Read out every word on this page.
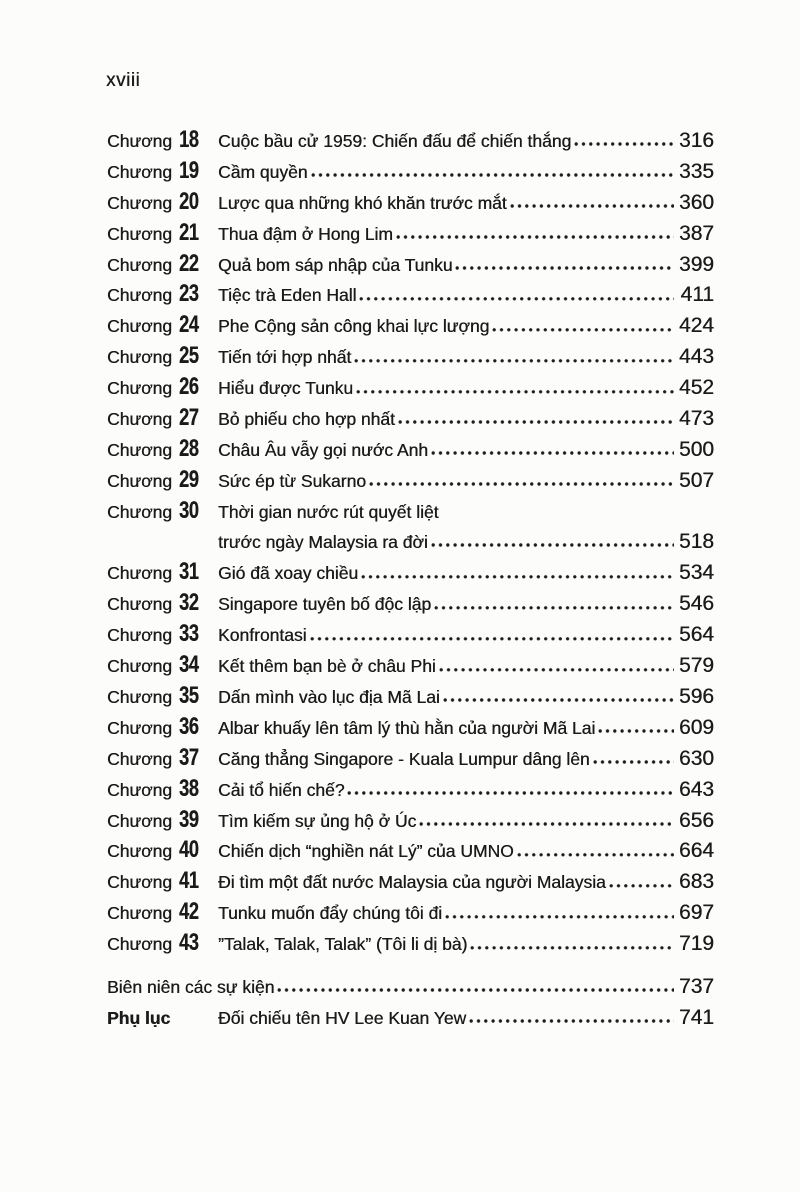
xviii
Chương 18 Cuộc bầu cử 1959: Chiến đấu để chiến thắng	316
Chương 19 Cầm quyền	335
Chương 20 Lược qua những khó khăn trước mắt	360
Chương 21 Thua đậm ở Hong Lim	387
Chương 22 Quả bom sáp nhập của Tunku	399
Chương 23 Tiệc trà Eden Hall	411
Chương 24 Phe Cộng sản công khai lực lượng	424
Chương 25 Tiến tới hợp nhất	443
Chương 26 Hiểu được Tunku	452
Chương 27 Bỏ phiếu cho hợp nhất	473
Chương 28 Châu Âu vẫy gọi nước Anh	500
Chương 29 Sức ép từ Sukarno	507
Chương 30 Thời gian nước rút quyết liệt
trước ngày Malaysia ra đời	518
Chương 31 Gió đã xoay chiều	534
Chương 32 Singapore tuyên bố độc lập	546
Chương 33 Konfrontasi	564
Chương 34 Kết thêm bạn bè ở châu Phi	579
Chương 35 Dấn mình vào lục địa Mã Lai	596
Chương 36 Albar khuấy lên tâm lý thù hằn của người Mã Lai	609
Chương 37 Căng thẳng Singapore - Kuala Lumpur dâng lên	630
Chương 38 Cải tổ hiến chế?	643
Chương 39 Tìm kiếm sự ủng hộ ở Úc	656
Chương 40 Chiến dịch “nghiền nát Lý” của UMNO	664
Chương 41 Đi tìm một đất nước Malaysia của người Malaysia	683
Chương 42 Tunku muốn đẩy chúng tôi đi	697
Chương 43 ”Talak, Talak, Talak” (Tôi li dị bà)	719
Biên niên các sự kiện	737
Phụ lục	Đối chiếu tên HV Lee Kuan Yew	741
